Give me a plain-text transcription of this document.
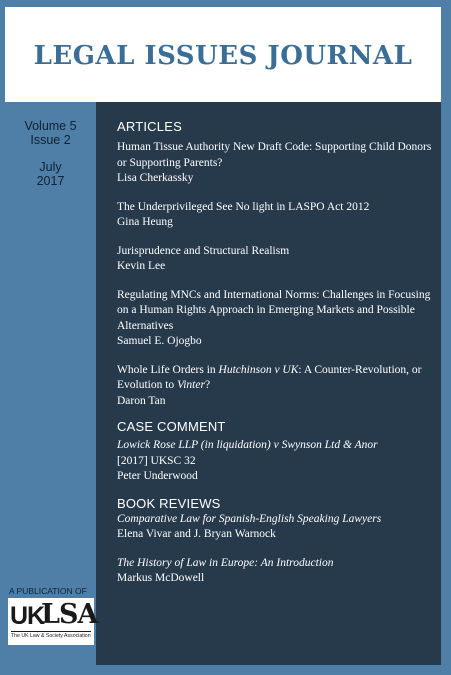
LEGAL ISSUES JOURNAL
Volume 5
Issue 2
July
2017
ARTICLES
Human Tissue Authority New Draft Code: Supporting Child Donors or Supporting Parents?
Lisa Cherkassky
The Underprivileged See No light in LASPO Act 2012
Gina Heung
Jurisprudence and Structural Realism
Kevin Lee
Regulating MNCs and International Norms: Challenges in Focusing on a Human Rights Approach in Emerging Markets and Possible Alternatives
Samuel E. Ojogbo
Whole Life Orders in Hutchinson v UK: A Counter-Revolution, or Evolution to Vinter?
Daron Tan
CASE COMMENT
Lowick Rose LLP (in liquidation) v Swynson Ltd & Anor
[2017] UKSC 32
Peter Underwood
BOOK REVIEWS
Comparative Law for Spanish-English Speaking Lawyers
Elena Vivar and J. Bryan Warnock
The History of Law in Europe: An Introduction
Markus McDowell
A PUBLICATION OF
UK
LSA
The UK Law & Society Association
